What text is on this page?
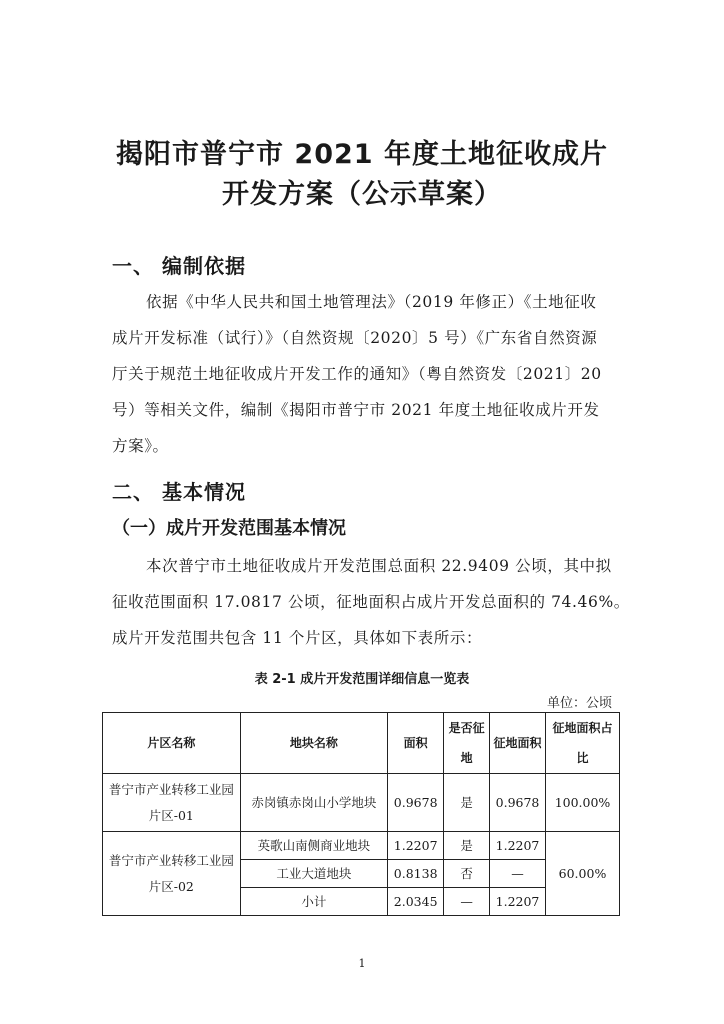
揭阳市普宁市 2021 年度土地征收成片
开发方案（公示草案）
一、 编制依据
依据《中华人民共和国土地管理法》（2019 年修正）《土地征收
成片开发标准（试行）》（自然资规〔2020〕5 号）《广东省自然资源
厅关于规范土地征收成片开发工作的通知》（粤自然资发〔2021〕20
号）等相关文件，编制《揭阳市普宁市 2021 年度土地征收成片开发
方案》。
二、 基本情况
（一）成片开发范围基本情况
本次普宁市土地征收成片开发范围总面积 22.9409 公顷，其中拟
征收范围面积 17.0817 公顷，征地面积占成片开发总面积的 74.46%。
成片开发范围共包含 11 个片区，具体如下表所示：
表 2-1 成片开发范围详细信息一览表
单位：公顷
片区名称	地块名称	面积	是否征地	征地面积	征地面积占比
普宁市产业转移工业园片区-01	赤岗镇赤岗山小学地块	0.9678	是	0.9678	100.00%
普宁市产业转移工业园片区-02	英歌山南侧商业地块	1.2207	是	1.2207	60.00%
	工业大道地块	0.8138	否	—	
	小计	2.0345	—	1.2207	
1
